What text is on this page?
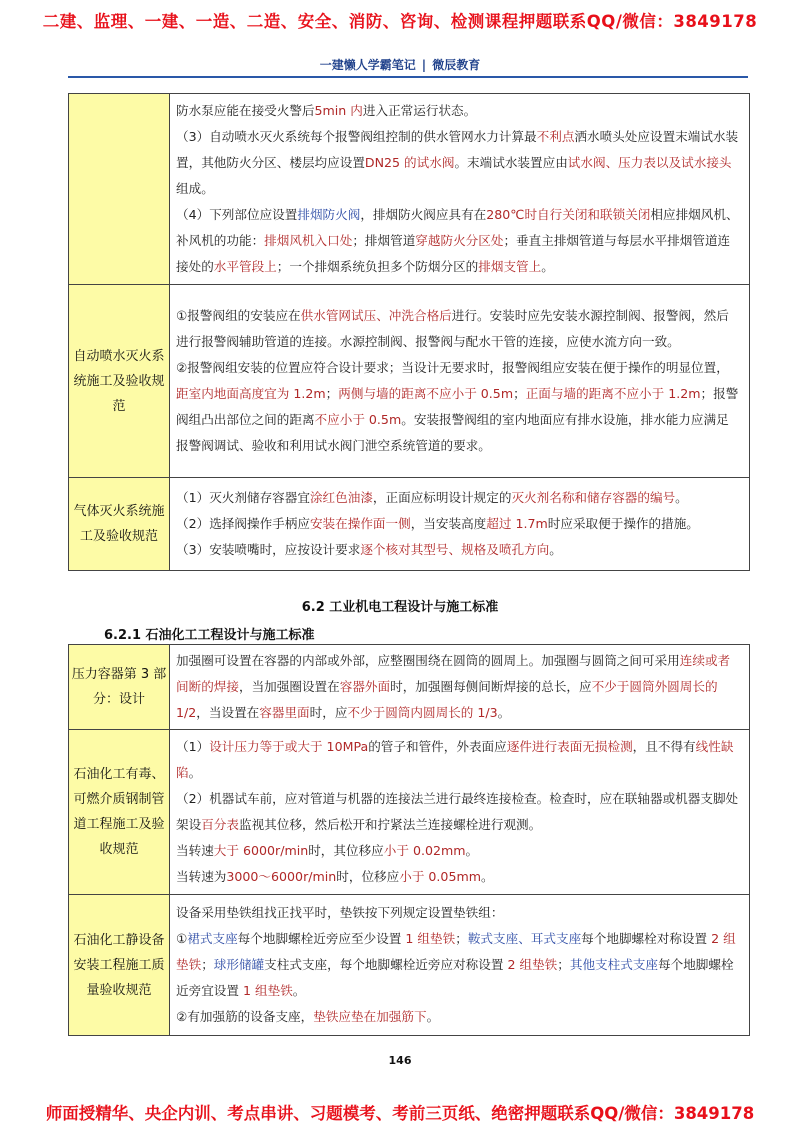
二建、监理、一建、一造、二造、安全、消防、咨询、检测课程押题联系QQ/微信：3849178
一建懒人学霸笔记 | 微辰教育

	防水泵应能在接受火警后5min 内进入正常运行状态。

（3）自动喷水灭火系统每个报警阀组控制的供水管网水力计算最不利点洒水喷头处应设置末端试水装置，其他防火分区、楼层均应设置DN25 的试水阀。末端试水装置应由试水阀、压力表以及试水接头组成。

（4）下列部位应设置排烟防火阀，排烟防火阀应具有在280℃时自行关闭和联锁关闭相应排烟风机、补风机的功能：排烟风机入口处；排烟管道穿越防火分区处；垂直主排烟管道与每层水平排烟管道连接处的水平管段上；一个排烟系统负担多个防烟分区的排烟支管上。

自动喷水灭火系统施工及验收规范	①报警阀组的安装应在供水管网试压、冲洗合格后进行。安装时应先安装水源控制阀、报警阀，然后进行报警阀辅助管道的连接。水源控制阀、报警阀与配水干管的连接，应使水流方向一致。

②报警阀组安装的位置应符合设计要求；当设计无要求时，报警阀组应安装在便于操作的明显位置，距室内地面高度宜为 1.2m；两侧与墙的距离不应小于 0.5m；正面与墙的距离不应小于 1.2m；报警阀组凸出部位之间的距离不应小于 0.5m。安装报警阀组的室内地面应有排水设施，排水能力应满足报警阀调试、验收和利用试水阀门泄空系统管道的要求。

气体灭火系统施工及验收规范	（1）灭火剂储存容器宜涂红色油漆，正面应标明设计规定的灭火剂名称和储存容器的编号。

（2）选择阀操作手柄应安装在操作面一侧，当安装高度超过 1.7m时应采取便于操作的措施。

（3）安装喷嘴时，应按设计要求逐个核对其型号、规格及喷孔方向。

6.2 工业机电工程设计与施工标准
6.2.1 石油化工工程设计与施工标准
压力容器第 3 部分：设计	加强圈可设置在容器的内部或外部，应整圈围绕在圆筒的圆周上。加强圈与圆筒之间可采用连续或者间断的焊接，当加强圈设置在容器外面时，加强圈每侧间断焊接的总长，应不少于圆筒外圆周长的 1/2，当设置在容器里面时，应不少于圆筒内圆周长的 1/3。

石油化工有毒、可燃介质钢制管道工程施工及验收规范	（1）设计压力等于或大于 10MPa的管子和管件，外表面应逐件进行表面无损检测，且不得有线性缺陷。

（2）机器试车前，应对管道与机器的连接法兰进行最终连接检查。检查时，应在联轴器或机器支脚处架设百分表监视其位移，然后松开和拧紧法兰连接螺栓进行观测。

当转速大于 6000r/min时，其位移应小于 0.02mm。

当转速为3000～6000r/min时，位移应小于 0.05mm。

石油化工静设备安装工程施工质量验收规范	设备采用垫铁组找正找平时，垫铁按下列规定设置垫铁组：

①裙式支座每个地脚螺栓近旁应至少设置 1 组垫铁；鞍式支座、耳式支座每个地脚螺栓对称设置 2 组垫铁；球形储罐支柱式支座，每个地脚螺栓近旁应对称设置 2 组垫铁；其他支柱式支座每个地脚螺栓近旁宜设置 1 组垫铁。

②有加强筋的设备支座，垫铁应垫在加强筋下。

146
师面授精华、央企内训、考点串讲、习题模考、考前三页纸、绝密押题联系QQ/微信：3849178
